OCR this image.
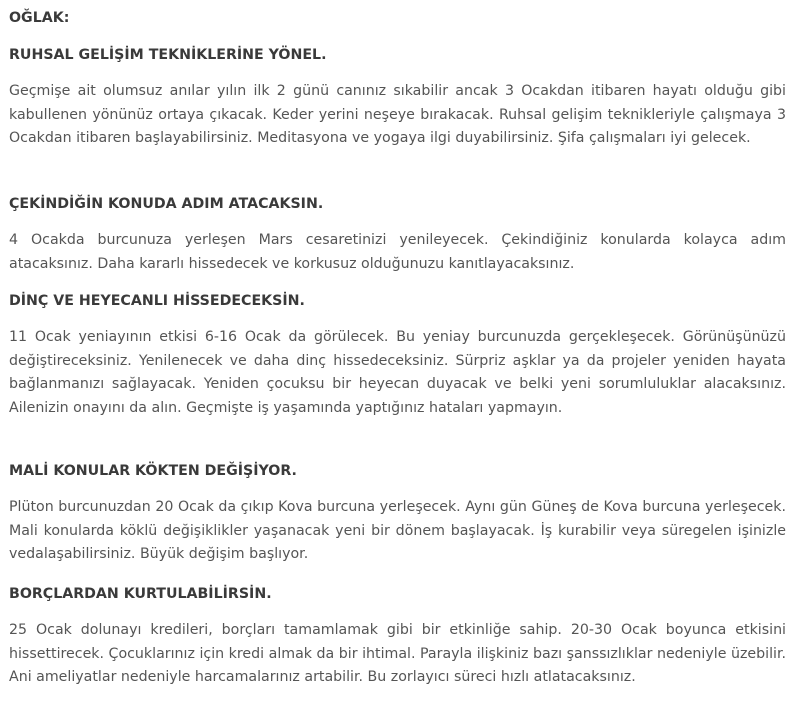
OĞLAK:
RUHSAL GELİŞİM TEKNİKLERİNE YÖNEL.

Geçmişe ait olumsuz anılar yılın ilk 2 günü canınız sıkabilir ancak 3 Ocakdan itibaren hayatı olduğu gibi kabullenen yönünüz ortaya çıkacak. Keder yerini neşeye bırakacak. Ruhsal gelişim teknikleriyle çalışmaya 3 Ocakdan itibaren başlayabilirsiniz. Meditasyona ve yogaya ilgi duyabilirsiniz. Şifa çalışmaları iyi gelecek.

ÇEKİNDİĞİN KONUDA ADIM ATACAKSIN.

4 Ocakda burcunuza yerleşen Mars cesaretinizi yenileyecek. Çekindiğiniz konularda kolayca adım atacaksınız. Daha kararlı hissedecek ve korkusuz olduğunuzu kanıtlayacaksınız.

DİNÇ VE HEYECANLI HİSSEDECEKSİN.

11 Ocak yeniayının etkisi 6-16 Ocak da görülecek. Bu yeniay burcunuzda gerçekleşecek. Görünüşünüzü değiştireceksiniz. Yenilenecek ve daha dinç hissedeceksiniz. Sürpriz aşklar ya da projeler yeniden hayata bağlanmanızı sağlayacak. Yeniden çocuksu bir heyecan duyacak ve belki yeni sorumluluklar alacaksınız. Ailenizin onayını da alın. Geçmişte iş yaşamında yaptığınız hataları yapmayın.

MALİ KONULAR KÖKTEN DEĞİŞİYOR.

Plüton burcunuzdan 20 Ocak da çıkıp Kova burcuna yerleşecek. Aynı gün Güneş de Kova burcuna yerleşecek. Mali konularda köklü değişiklikler yaşanacak yeni bir dönem başlayacak. İş kurabilir veya süregelen işinizle vedalaşabilirsiniz. Büyük değişim başlıyor.

BORÇLARDAN KURTULABİLİRSİN.

25 Ocak dolunayı kredileri, borçları tamamlamak gibi bir etkinliğe sahip. 20-30 Ocak boyunca etkisini hissettirecek. Çocuklarınız için kredi almak da bir ihtimal. Parayla ilişkiniz bazı şanssızlıklar nedeniyle üzebilir. Ani ameliyatlar nedeniyle harcamalarınız artabilir. Bu zorlayıcı süreci hızlı atlatacaksınız.
